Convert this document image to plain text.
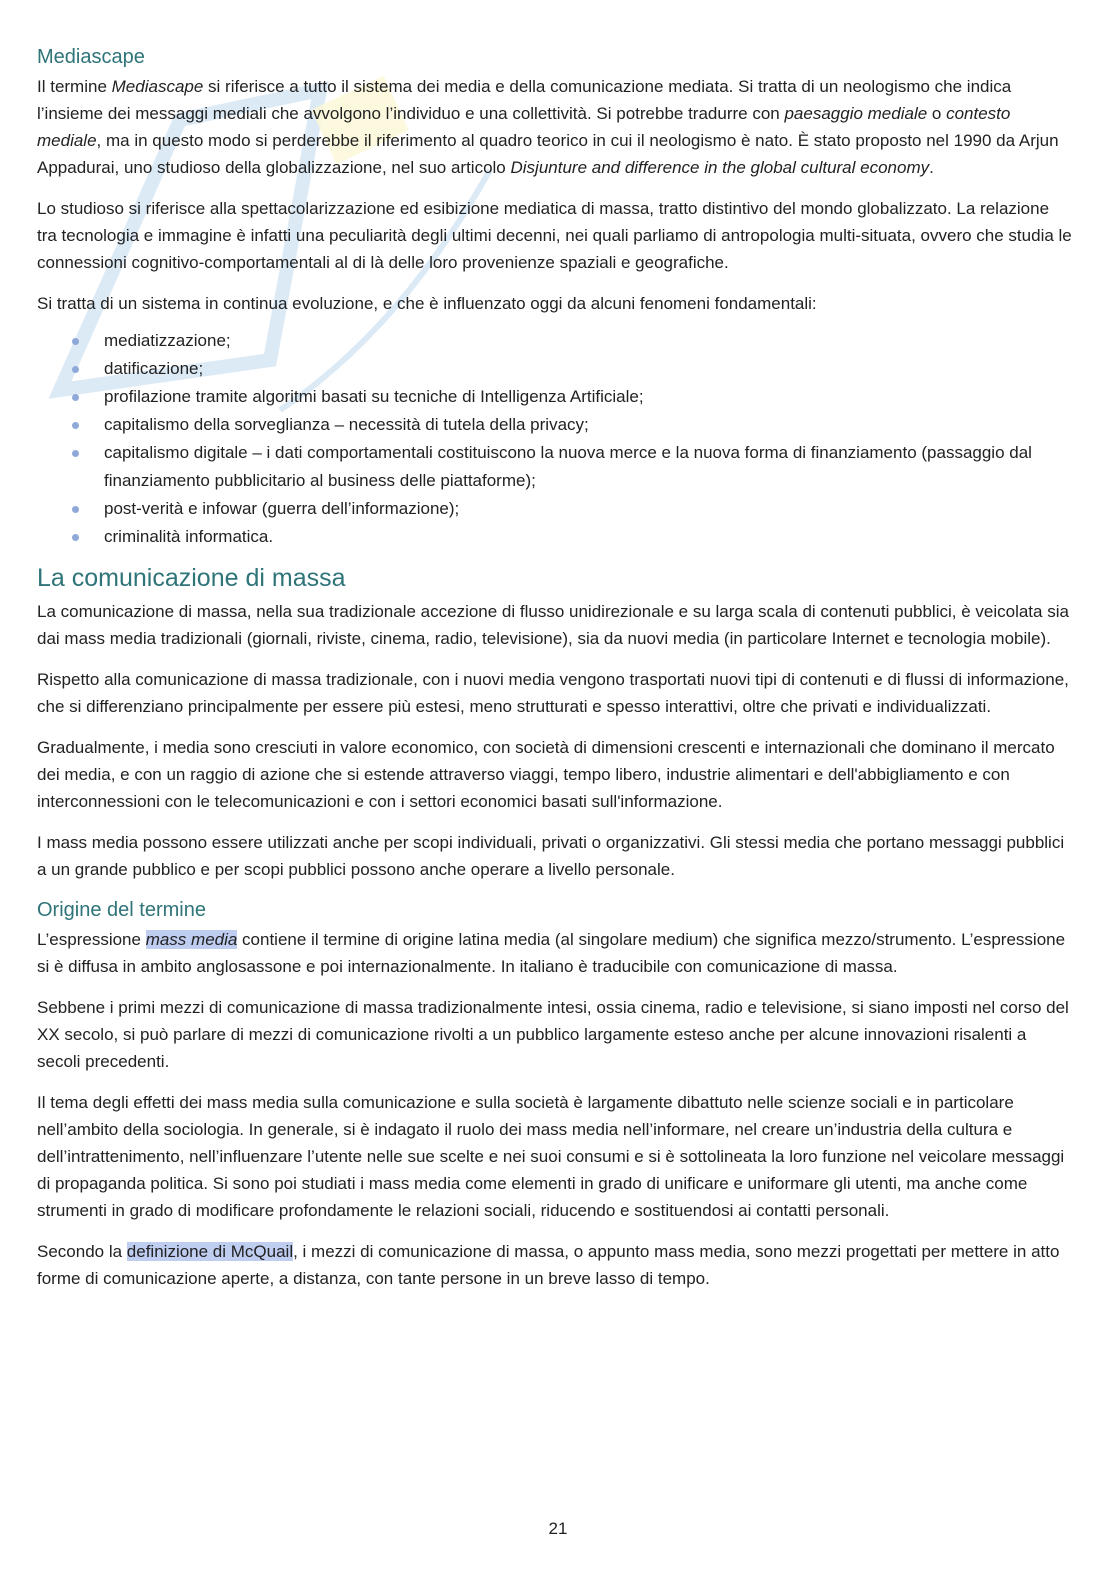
Mediascape

Il termine Mediascape si riferisce a tutto il sistema dei media e della comunicazione mediata. Si tratta di un neologismo che indica l’insieme dei messaggi mediali che avvolgono l’individuo e una collettività. Si potrebbe tradurre con paesaggio mediale o contesto mediale, ma in questo modo si perderebbe il riferimento al quadro teorico in cui il neologismo è nato. È stato proposto nel 1990 da Arjun Appadurai, uno studioso della globalizzazione, nel suo articolo Disjunture and difference in the global cultural economy.

Lo studioso si riferisce alla spettacolarizzazione ed esibizione mediatica di massa, tratto distintivo del mondo globalizzato. La relazione tra tecnologia e immagine è infatti una peculiarità degli ultimi decenni, nei quali parliamo di antropologia multi-situata, ovvero che studia le connessioni cognitivo-comportamentali al di là delle loro provenienze spaziali e geografiche.

Si tratta di un sistema in continua evoluzione, e che è influenzato oggi da alcuni fenomeni fondamentali:

mediatizzazione;
datificazione;
profilazione tramite algoritmi basati su tecniche di Intelligenza Artificiale;
capitalismo della sorveglianza – necessità di tutela della privacy;
capitalismo digitale – i dati comportamentali costituiscono la nuova merce e la nuova forma di finanziamento (passaggio dal finanziamento pubblicitario al business delle piattaforme);
post-verità e infowar (guerra dell’informazione);
criminalità informatica.
La comunicazione di massa

La comunicazione di massa, nella sua tradizionale accezione di flusso unidirezionale e su larga scala di contenuti pubblici, è veicolata sia dai mass media tradizionali (giornali, riviste, cinema, radio, televisione), sia da nuovi media (in particolare Internet e tecnologia mobile).

Rispetto alla comunicazione di massa tradizionale, con i nuovi media vengono trasportati nuovi tipi di contenuti e di flussi di informazione, che si differenziano principalmente per essere più estesi, meno strutturati e spesso interattivi, oltre che privati e individualizzati.

Gradualmente, i media sono cresciuti in valore economico, con società di dimensioni crescenti e internazionali che dominano il mercato dei media, e con un raggio di azione che si estende attraverso viaggi, tempo libero, industrie alimentari e dell'abbigliamento e con interconnessioni con le telecomunicazioni e con i settori economici basati sull'informazione.

I mass media possono essere utilizzati anche per scopi individuali, privati o organizzativi. Gli stessi media che portano messaggi pubblici a un grande pubblico e per scopi pubblici possono anche operare a livello personale.

Origine del termine

L’espressione mass media contiene il termine di origine latina media (al singolare medium) che significa mezzo/strumento. L’espressione si è diffusa in ambito anglosassone e poi internazionalmente. In italiano è traducibile con comunicazione di massa.

Sebbene i primi mezzi di comunicazione di massa tradizionalmente intesi, ossia cinema, radio e televisione, si siano imposti nel corso del XX secolo, si può parlare di mezzi di comunicazione rivolti a un pubblico largamente esteso anche per alcune innovazioni risalenti a secoli precedenti.

Il tema degli effetti dei mass media sulla comunicazione e sulla società è largamente dibattuto nelle scienze sociali e in particolare nell’ambito della sociologia. In generale, si è indagato il ruolo dei mass media nell’informare, nel creare un’industria della cultura e dell’intrattenimento, nell’influenzare l’utente nelle sue scelte e nei suoi consumi e si è sottolineata la loro funzione nel veicolare messaggi di propaganda politica. Si sono poi studiati i mass media come elementi in grado di unificare e uniformare gli utenti, ma anche come strumenti in grado di modificare profondamente le relazioni sociali, riducendo e sostituendosi ai contatti personali.

Secondo la definizione di McQuail, i mezzi di comunicazione di massa, o appunto mass media, sono mezzi progettati per mettere in atto forme di comunicazione aperte, a distanza, con tante persone in un breve lasso di tempo.

21
